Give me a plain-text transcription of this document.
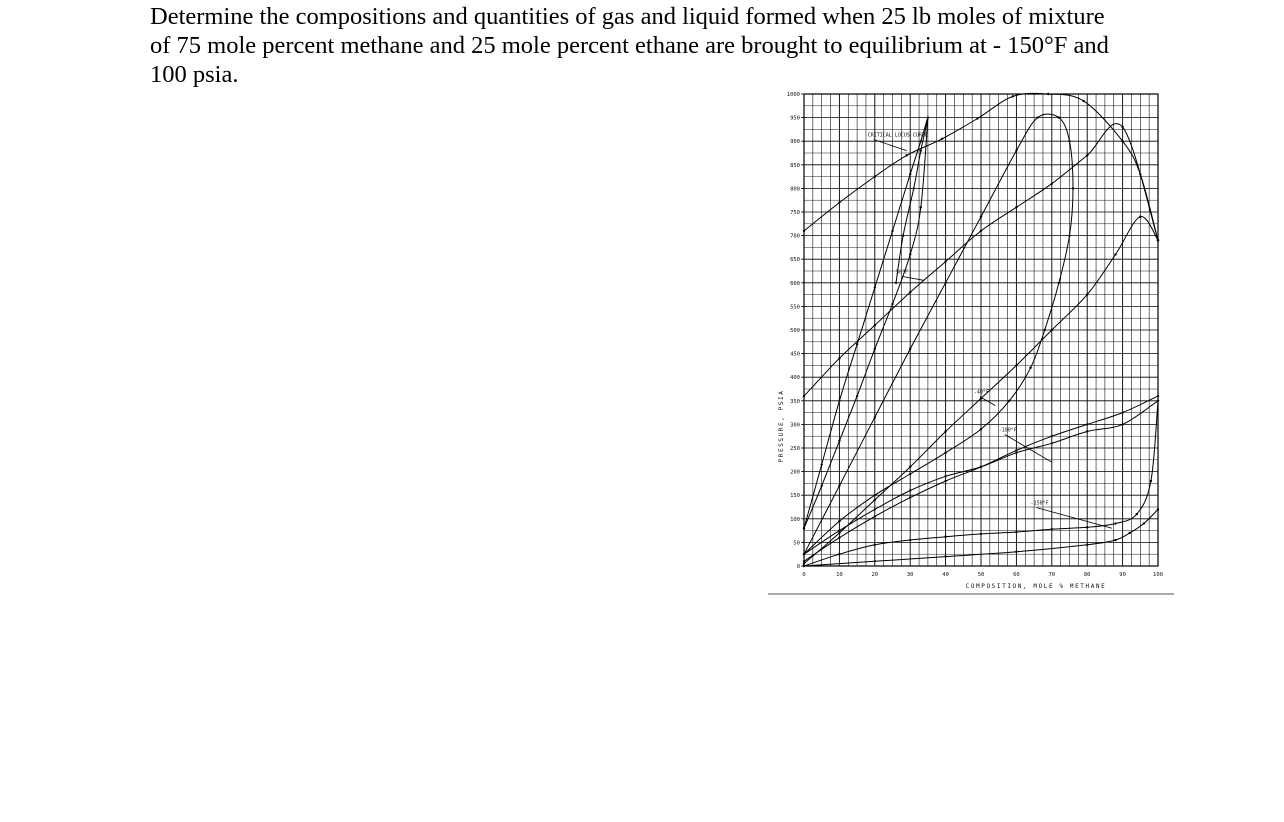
Determine the compositions and quantities of gas and liquid formed when 25 lb moles of mixture

of 75 mole percent methane and 25 mole percent ethane are brought to equilibrium at - 150°F and

100 psia.

0
50
100
150
200
250
300
350
400
450
500
550
600
650
700
750
800
850
900
950
1000
0	10	20	30	40	50	60	70	80	90	100
CRITICAL LOCUS CURVE
50°F
-40°F
-100°F
-150°F
COMPOSITION, MOLE % METHANE
PRESSURE, PSIA
